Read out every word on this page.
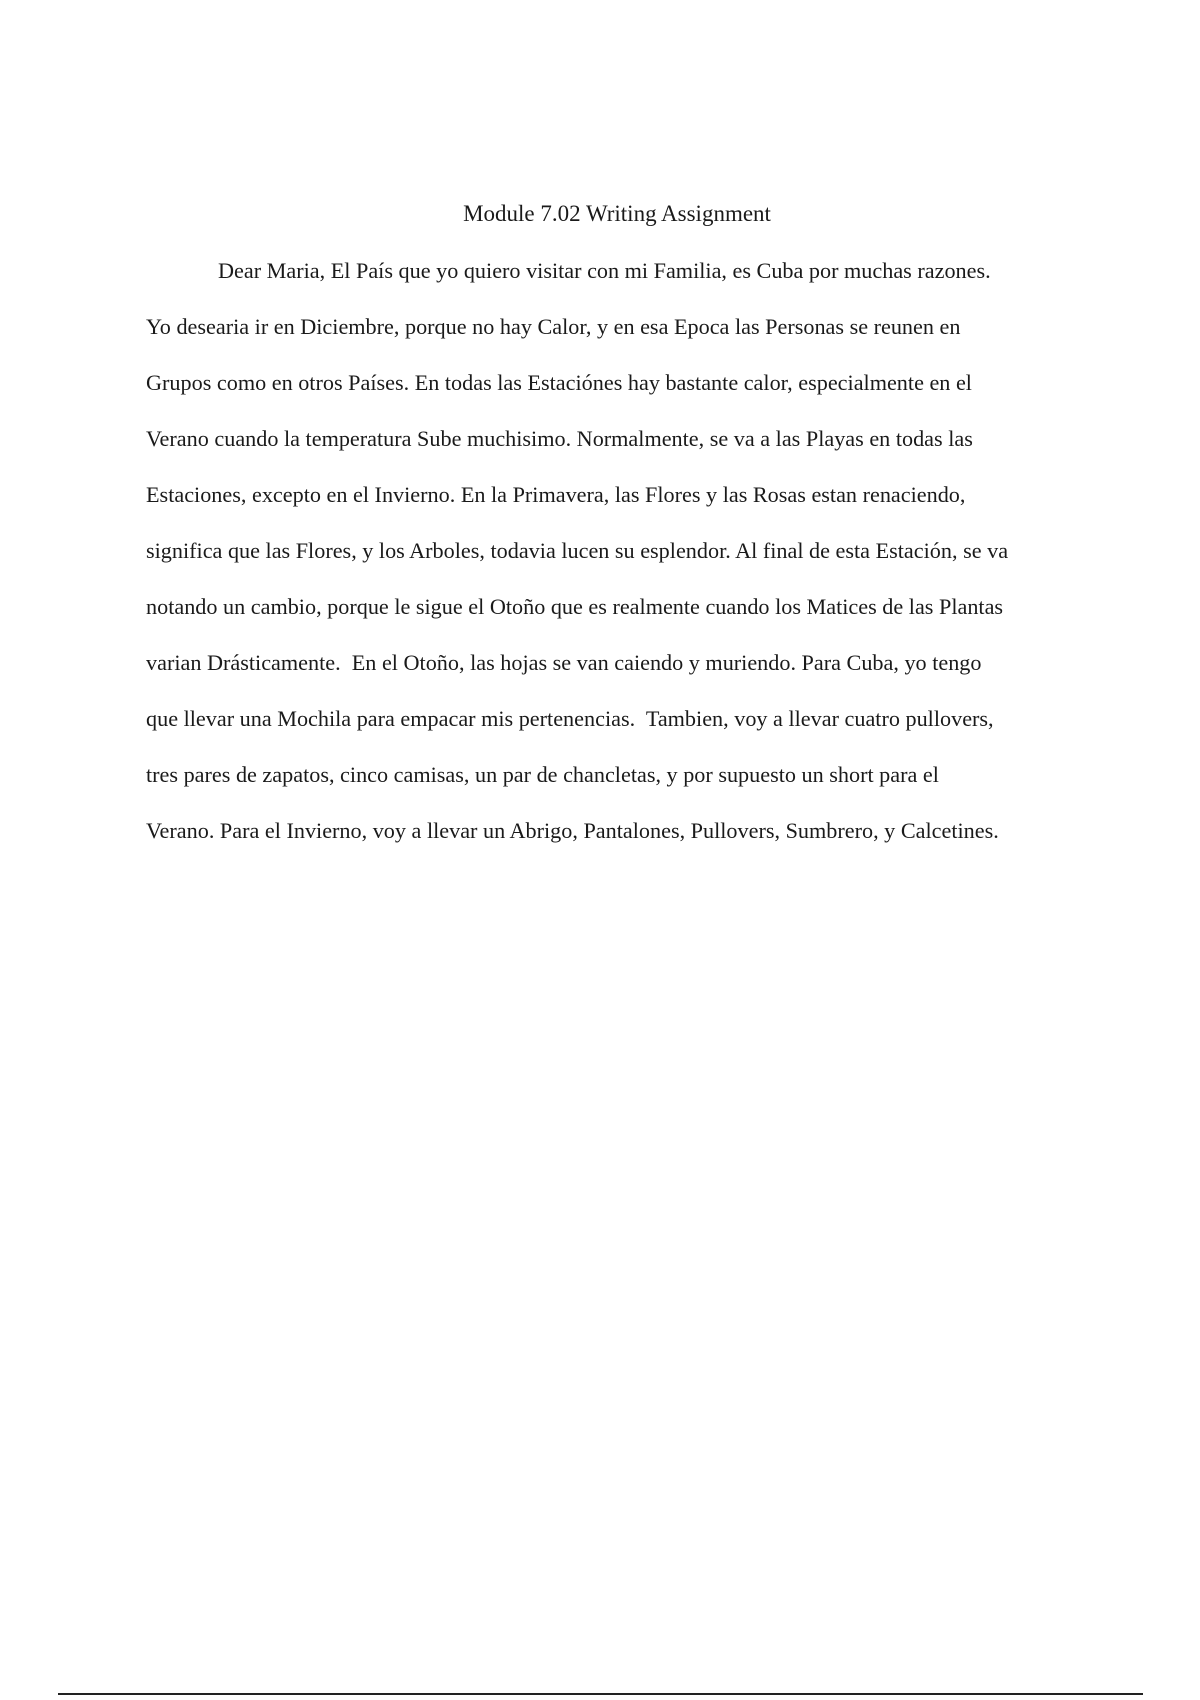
Module 7.02 Writing Assignment
Dear Maria, El País que yo quiero visitar con mi Familia, es Cuba por muchas razones.
Yo desearia ir en Diciembre, porque no hay Calor, y en esa Epoca las Personas se reunen en
Grupos como en otros Países. En todas las Estaciónes hay bastante calor, especialmente en el
Verano cuando la temperatura Sube muchisimo. Normalmente, se va a las Playas en todas las
Estaciones, excepto en el Invierno. En la Primavera, las Flores y las Rosas estan renaciendo,
significa que las Flores, y los Arboles, todavia lucen su esplendor. Al final de esta Estación, se va
notando un cambio, porque le sigue el Otoño que es realmente cuando los Matices de las Plantas
varian Drásticamente.  En el Otoño, las hojas se van caiendo y muriendo. Para Cuba, yo tengo
que llevar una Mochila para empacar mis pertenencias.  Tambien, voy a llevar cuatro pullovers,
tres pares de zapatos, cinco camisas, un par de chancletas, y por supuesto un short para el
Verano. Para el Invierno, voy a llevar un Abrigo, Pantalones, Pullovers, Sumbrero, y Calcetines.
